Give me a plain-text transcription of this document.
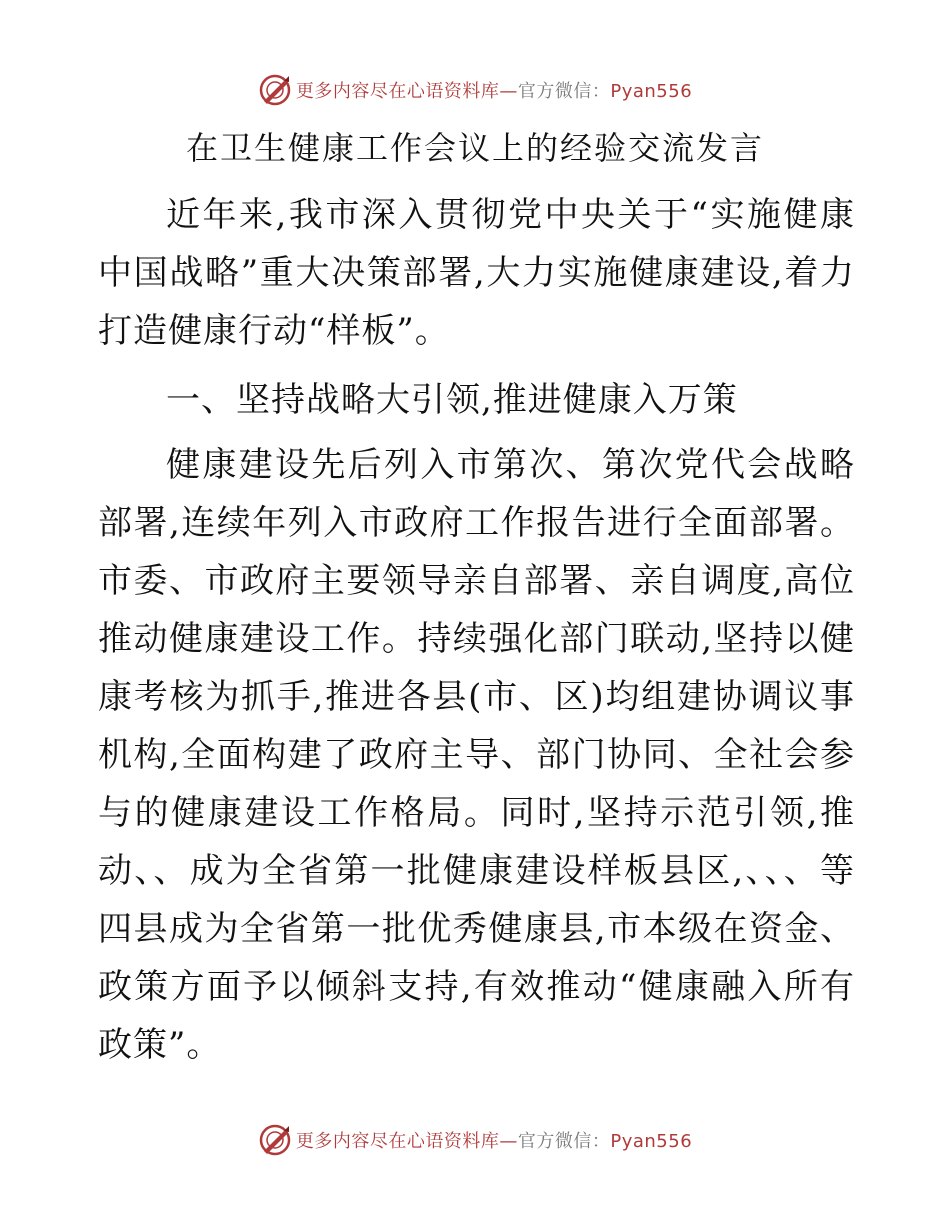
更多内容尽在心语资料库—官方微信：Pyan556
在卫生健康工作会议上的经验交流发言

近年来,我市深入贯彻党中央关于“实施健康中国战略”重大决策部署,大力实施健康建设,着力打造健康行动“样板”。

一、坚持战略大引领,推进健康入万策

健康建设先后列入市第次、第次党代会战略部署,连续年列入市政府工作报告进行全面部署。市委、市政府主要领导亲自部署、亲自调度,高位推动健康建设工作。持续强化部门联动,坚持以健康考核为抓手,推进各县(市、区)均组建协调议事机构,全面构建了政府主导、部门协同、全社会参与的健康建设工作格局。同时,坚持示范引领,推动、、成为全省第一批健康建设样板县区,、、、等四县成为全省第一批优秀健康县,市本级在资金、政策方面予以倾斜支持,有效推动“健康融入所有政策”。

更多内容尽在心语资料库—官方微信：Pyan556
